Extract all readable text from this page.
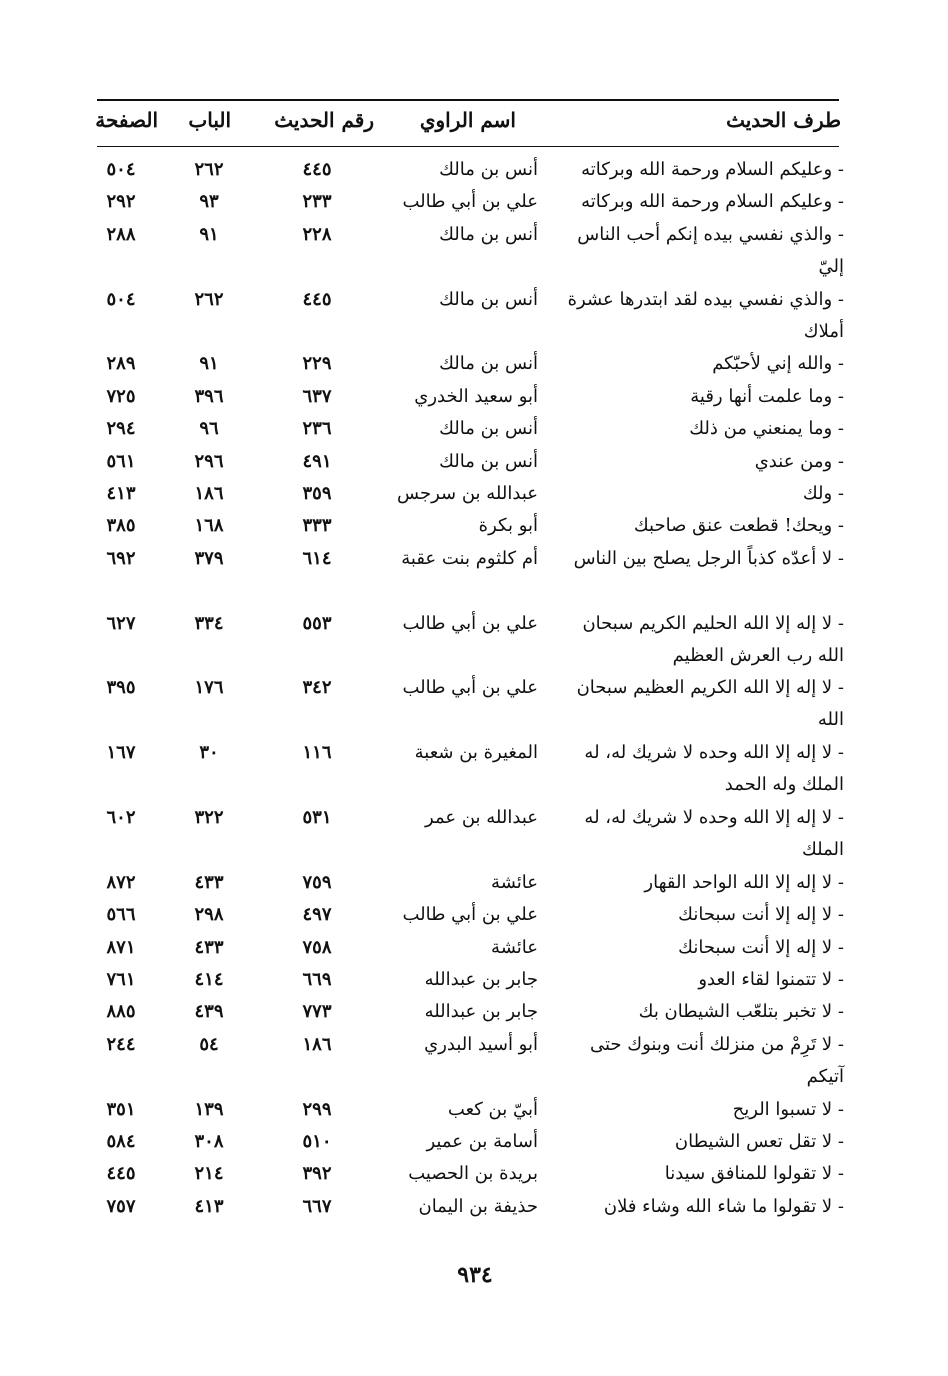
طرف الحديث
اسم الراوي
رقم الحديث
الباب
الصفحة
- وعليكم السلام ورحمة الله وبركاته
أنس بن مالك
٤٤٥
٢٦٢
٥٠٤
- وعليكم السلام ورحمة الله وبركاته
علي بن أبي طالب
٢٣٣
٩٣
٢٩٢
- والذي نفسي بيده إنكم أحب الناس إليّ
أنس بن مالك
٢٢٨
٩١
٢٨٨
- والذي نفسي بيده لقد ابتدرها عشرة أملاك
أنس بن مالك
٤٤٥
٢٦٢
٥٠٤
- والله إني لأحبّكم
أنس بن مالك
٢٢٩
٩١
٢٨٩
- وما علمت أنها رقية
أبو سعيد الخدري
٦٣٧
٣٩٦
٧٢٥
- وما يمنعني من ذلك
أنس بن مالك
٢٣٦
٩٦
٢٩٤
- ومن عندي
أنس بن مالك
٤٩١
٢٩٦
٥٦١
- ولك
عبدالله بن سرجس
٣٥٩
١٨٦
٤١٣
- ويحك! قطعت عنق صاحبك
أبو بكرة
٣٣٣
١٦٨
٣٨٥
- لا أعدّه كذباً الرجل يصلح بين الناس
أم كلثوم بنت عقبة
٦١٤
٣٧٩
٦٩٢
- لا إله إلا الله الحليم الكريم سبحان الله رب العرش العظيم
علي بن أبي طالب
٥٥٣
٣٣٤
٦٢٧
- لا إله إلا الله الكريم العظيم سبحان الله
علي بن أبي طالب
٣٤٢
١٧٦
٣٩٥
- لا إله إلا الله وحده لا شريك له، له الملك وله الحمد
المغيرة بن شعبة
١١٦
٣٠
١٦٧
- لا إله إلا الله وحده لا شريك له، له الملك
عبدالله بن عمر
٥٣١
٣٢٢
٦٠٢
- لا إله إلا الله الواحد القهار
عائشة
٧٥٩
٤٣٣
٨٧٢
- لا إله إلا أنت سبحانك
علي بن أبي طالب
٤٩٧
٢٩٨
٥٦٦
- لا إله إلا أنت سبحانك
عائشة
٧٥٨
٤٣٣
٨٧١
- لا تتمنوا لقاء العدو
جابر بن عبدالله
٦٦٩
٤١٤
٧٦١
- لا تخبر بتلعّب الشيطان بك
جابر بن عبدالله
٧٧٣
٤٣٩
٨٨٥
- لا تَرِمْ من منزلك أنت وبنوك حتى آتيكم
أبو أسيد البدري
١٨٦
٥٤
٢٤٤
- لا تسبوا الريح
أبيّ بن كعب
٢٩٩
١٣٩
٣٥١
- لا تقل تعس الشيطان
أسامة بن عمير
٥١٠
٣٠٨
٥٨٤
- لا تقولوا للمنافق سيدنا
بريدة بن الحصيب
٣٩٢
٢١٤
٤٤٥
- لا تقولوا ما شاء الله وشاء فلان
حذيفة بن اليمان
٦٦٧
٤١٣
٧٥٧
٩٣٤
